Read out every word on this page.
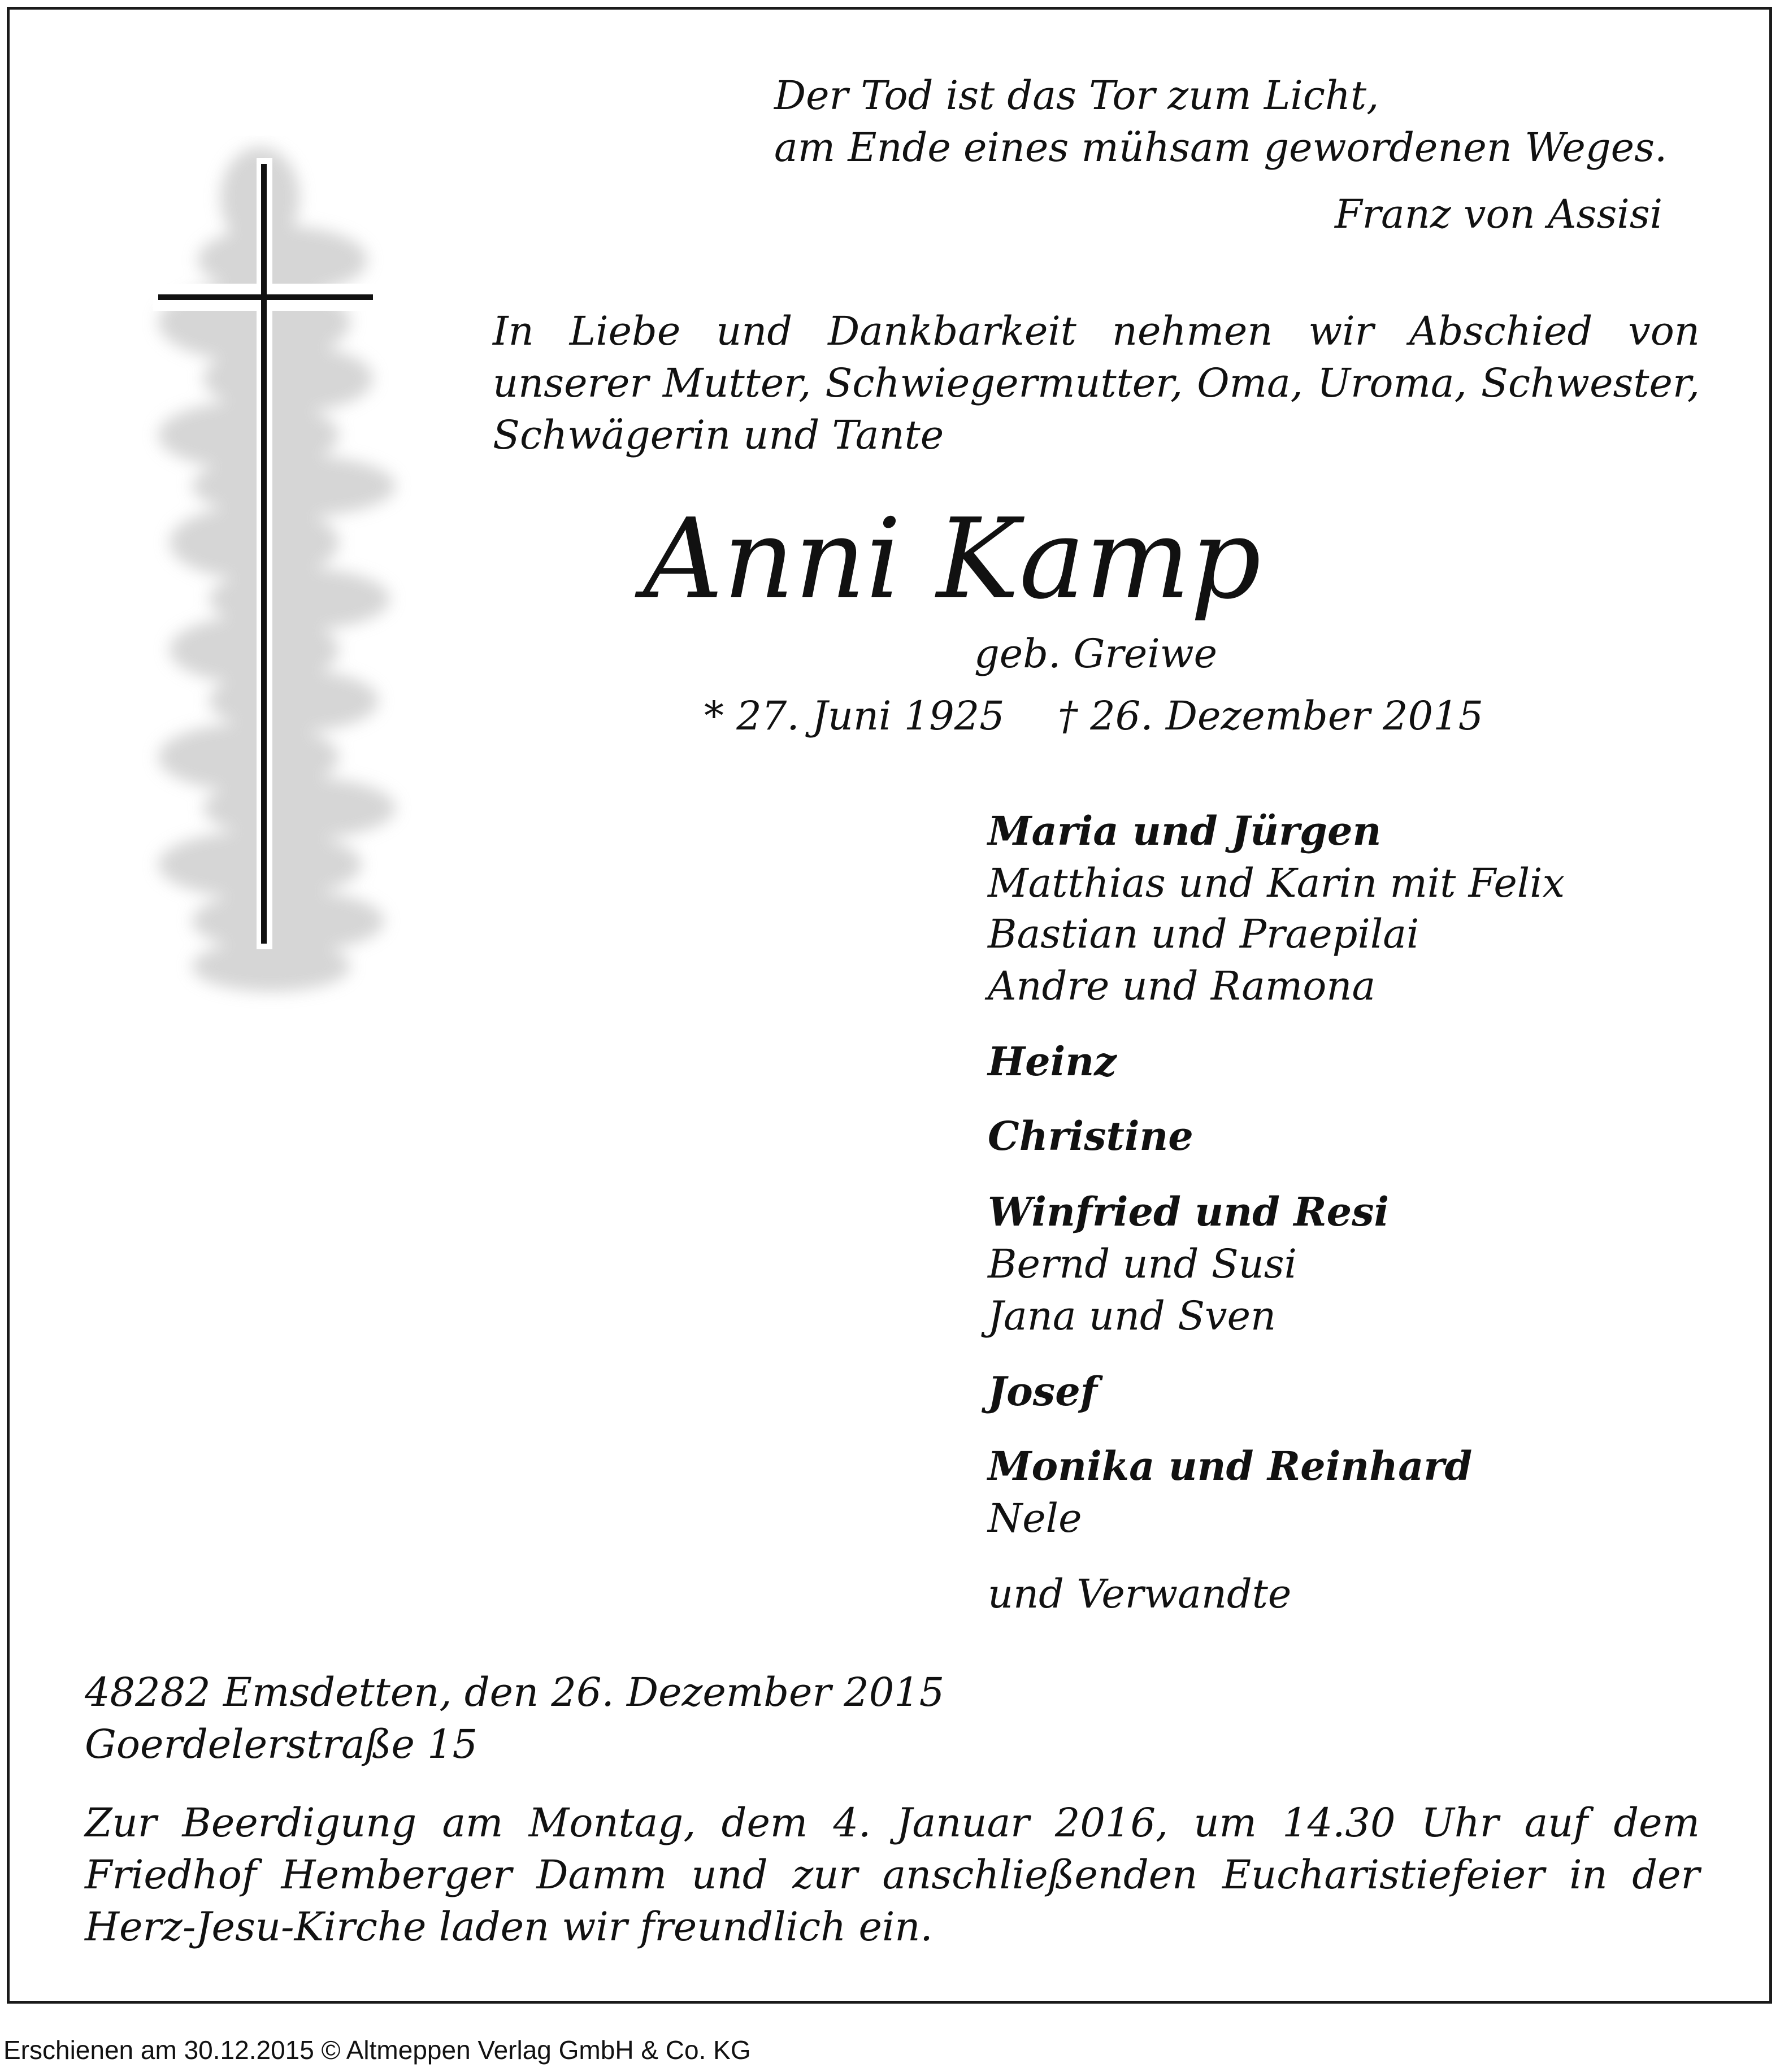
Der Tod ist das Tor zum Licht,
am Ende eines mühsam gewordenen Weges.
Franz von Assisi
In Liebe und Dankbarkeit nehmen wir Abschied von
unserer Mutter, Schwiegermutter, Oma, Uroma, Schwester,
Schwägerin und Tante
Anni Kamp
geb. Greiwe
* 27. Juni 1925 † 26. Dezember 2015
Maria und Jürgen
Matthias und Karin mit Felix
Bastian und Praepilai
Andre und Ramona
Heinz
Christine
Winfried und Resi
Bernd und Susi
Jana und Sven
Josef
Monika und Reinhard
Nele
und Verwandte
48282 Emsdetten, den 26. Dezember 2015
Goerdelerstraße 15
Zur Beerdigung am Montag, dem 4. Januar 2016, um 14.30 Uhr auf dem
Friedhof Hemberger Damm und zur anschließenden Eucharistiefeier in der
Herz-Jesu-Kirche laden wir freundlich ein.
Erschienen am 30.12.2015 © Altmeppen Verlag GmbH & Co. KG
